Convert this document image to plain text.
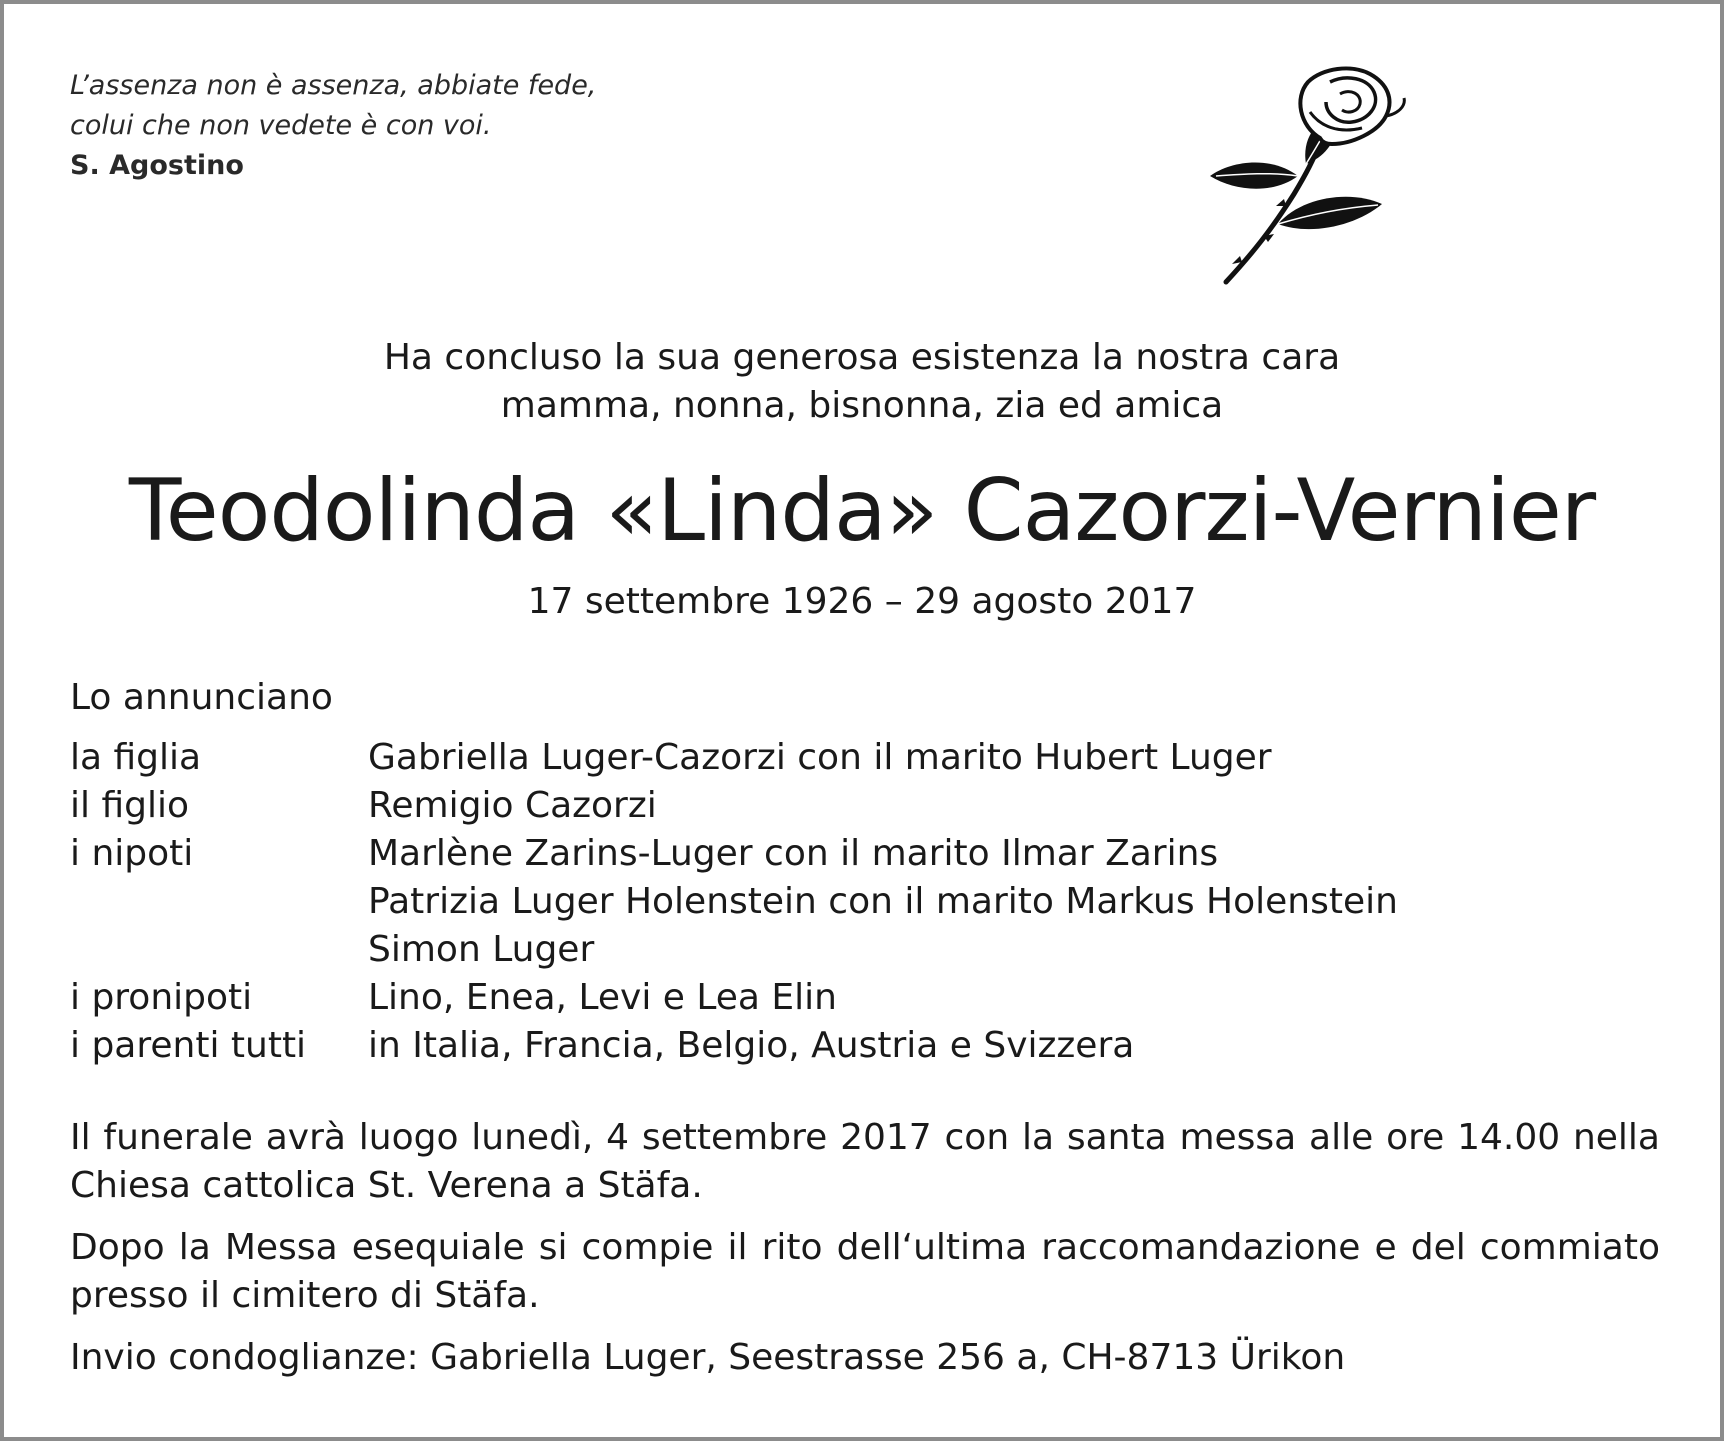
L’assenza non è assenza, abbiate fede,
colui che non vedete è con voi.
S. Agostino
Ha concluso la sua generosa esistenza la nostra cara
mamma, nonna, bisnonna, zia ed amica
Teodolinda «Linda» Cazorzi-Vernier
17 settembre 1926 – 29 agosto 2017
Lo annunciano
la figlia	Gabriella Luger-Cazorzi con il marito Hubert Luger
il figlio	Remigio Cazorzi
i nipoti	Marlène Zarins-Luger con il marito Ilmar Zarins
Patrizia Luger Holenstein con il marito Markus Holenstein
Simon Luger
i pronipoti	Lino, Enea, Levi e Lea Elin
i parenti tutti	in Italia, Francia, Belgio, Austria e Svizzera

Il funerale avrà luogo lunedì, 4 settembre 2017 con la santa messa alle ore 14.00 nella Chiesa cattolica St. Verena a Stäfa.

Dopo la Messa esequiale si compie il rito dell‘ultima raccomandazione e del commiato presso il cimitero di Stäfa.

Invio condoglianze: Gabriella Luger, Seestrasse 256 a, CH-8713 Ürikon
